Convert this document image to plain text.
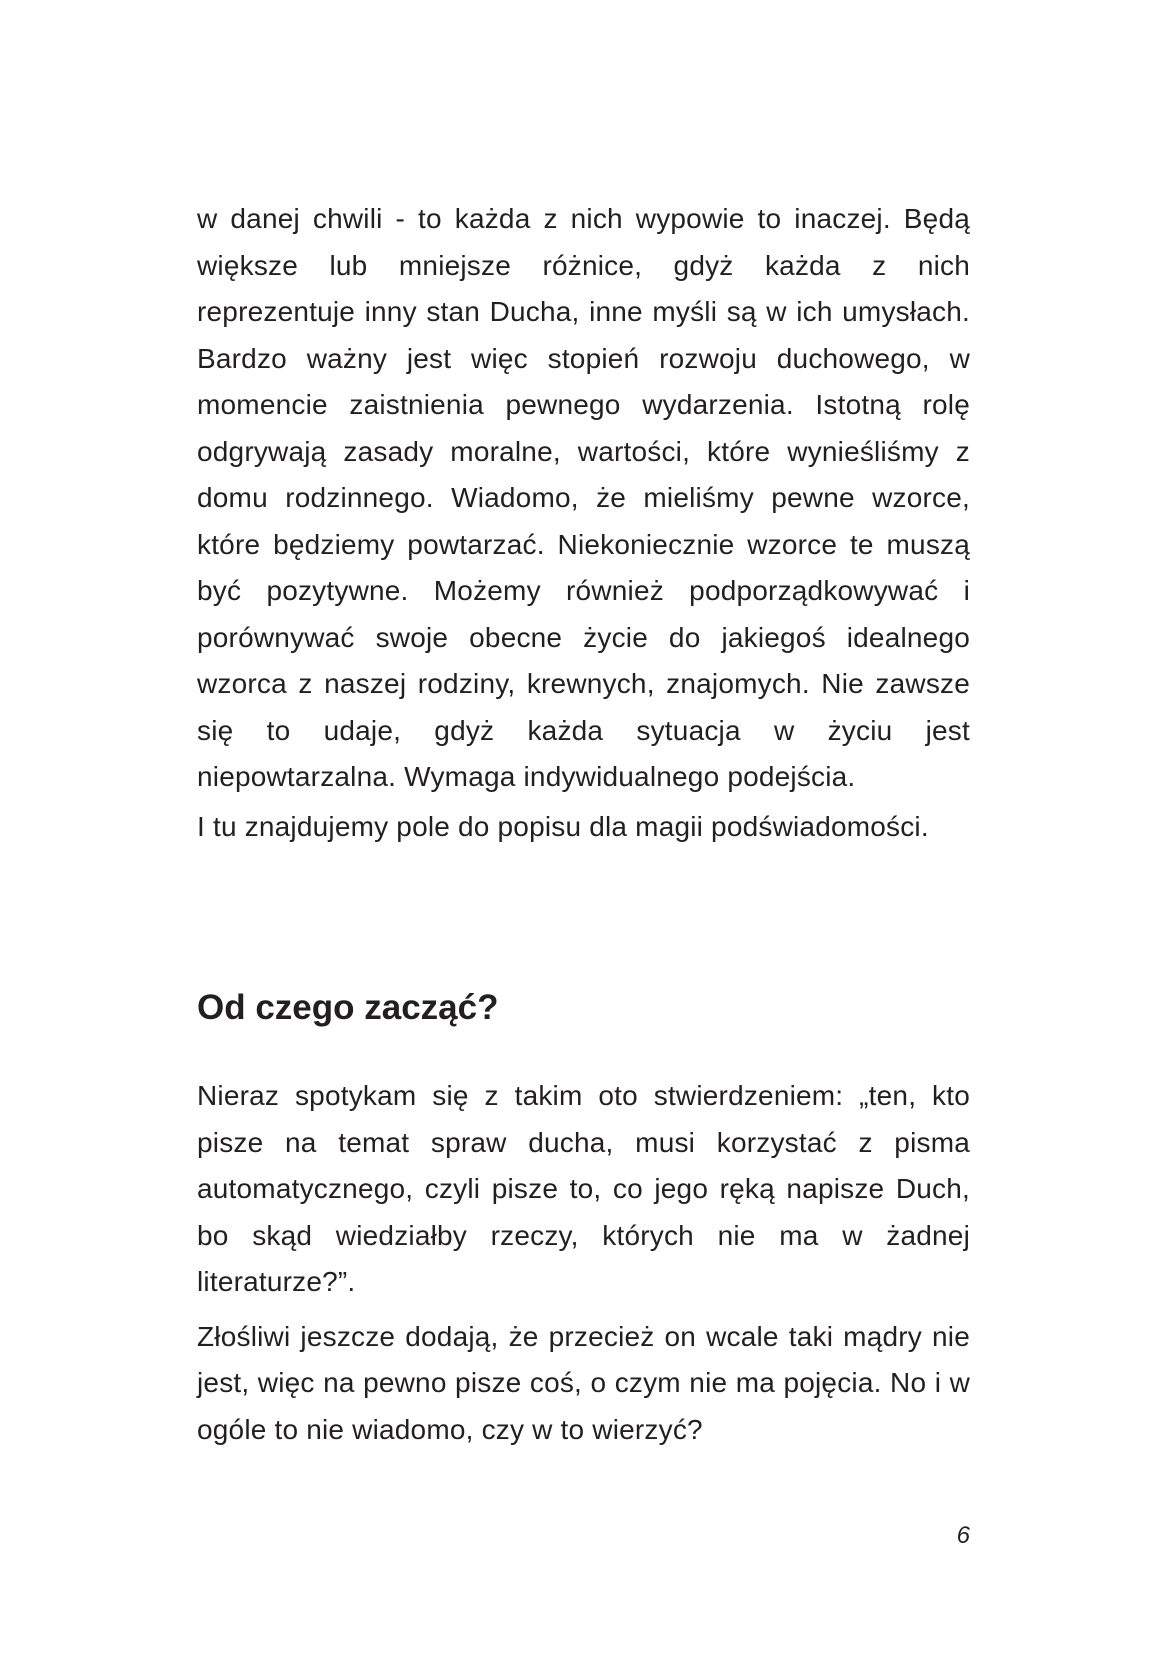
w danej chwili - to każda z nich wypowie to inaczej. Będą większe lub mniejsze różnice, gdyż każda z nich reprezentuje inny stan Ducha, inne myśli są w ich umysłach. Bardzo ważny jest więc stopień rozwoju duchowego, w momencie zaistnienia pewnego wydarzenia. Istotną rolę odgrywają zasady moralne, wartości, które wynieśliśmy z domu rodzinnego. Wiadomo, że mieliśmy pewne wzorce, które będziemy powtarzać. Niekoniecznie wzorce te muszą być pozytywne. Możemy również podporządkowywać i porównywać swoje obecne życie do jakiegoś idealnego wzorca z naszej rodziny, krewnych, znajomych. Nie zawsze się to udaje, gdyż każda sytuacja w życiu jest niepowtarzalna. Wymaga indywidualnego podejścia.

I tu znajdujemy pole do popisu dla magii podświadomości.

Od czego zacząć?

Nieraz spotykam się z takim oto stwierdzeniem: „ten, kto pisze na temat spraw ducha, musi korzystać z pisma automatycznego, czyli pisze to, co jego ręką napisze Duch, bo skąd wiedziałby rzeczy, których nie ma w żadnej literaturze?”.

Złośliwi jeszcze dodają, że przecież on wcale taki mądry nie jest, więc na pewno pisze coś, o czym nie ma pojęcia. No i w ogóle to nie wiadomo, czy w to wierzyć?

6
